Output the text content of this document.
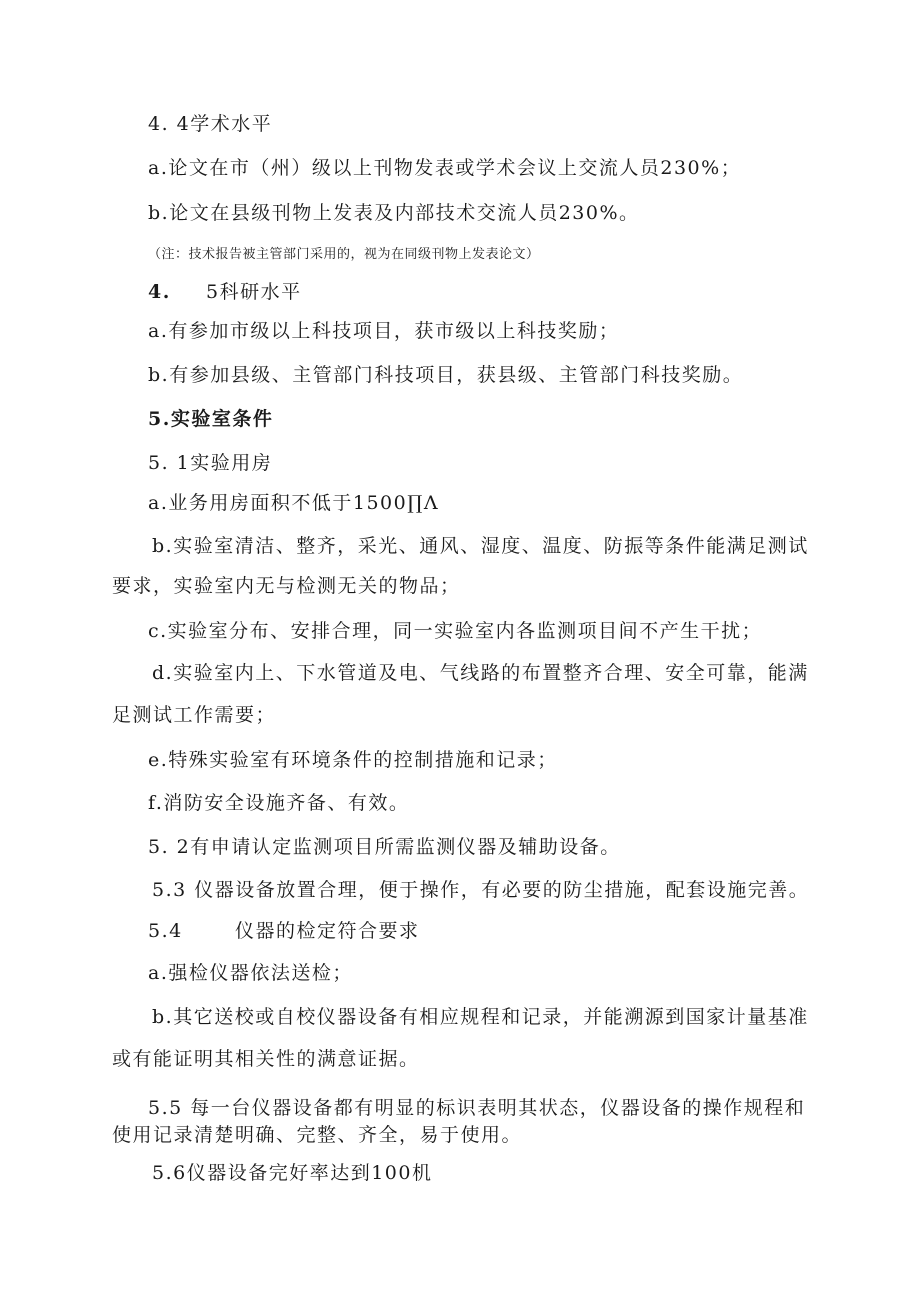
4. 4学术水平
a.论文在市（州）级以上刊物发表或学术会议上交流人员230%；
b.论文在县级刊物上发表及内部技术交流人员230%。
（注：技术报告被主管部门采用的，视为在同级刊物上发表论文）
4. 5科研水平
a.有参加市级以上科技项目，获市级以上科技奖励；
b.有参加县级、主管部门科技项目，获县级、主管部门科技奖励。
5.实验室条件
5. 1实验用房
a.业务用房面积不低于1500∏Λ
b.实验室清洁、整齐，采光、通风、湿度、温度、防振等条件能满足测试
要求，实验室内无与检测无关的物品；
c.实验室分布、安排合理，同一实验室内各监测项目间不产生干扰；
d.实验室内上、下水管道及电、气线路的布置整齐合理、安全可靠，能满
足测试工作需要；
e.特殊实验室有环境条件的控制措施和记录；
f.消防安全设施齐备、有效。
5. 2有申请认定监测项目所需监测仪器及辅助设备。
5.3 仪器设备放置合理，便于操作，有必要的防尘措施，配套设施完善。
5.4	仪器的检定符合要求
a.强检仪器依法送检；
b.其它送校或自校仪器设备有相应规程和记录，并能溯源到国家计量基准
或有能证明其相关性的满意证据。
5.5 每一台仪器设备都有明显的标识表明其状态，仪器设备的操作规程和
使用记录清楚明确、完整、齐全，易于使用。
5.6仪器设备完好率达到100机
